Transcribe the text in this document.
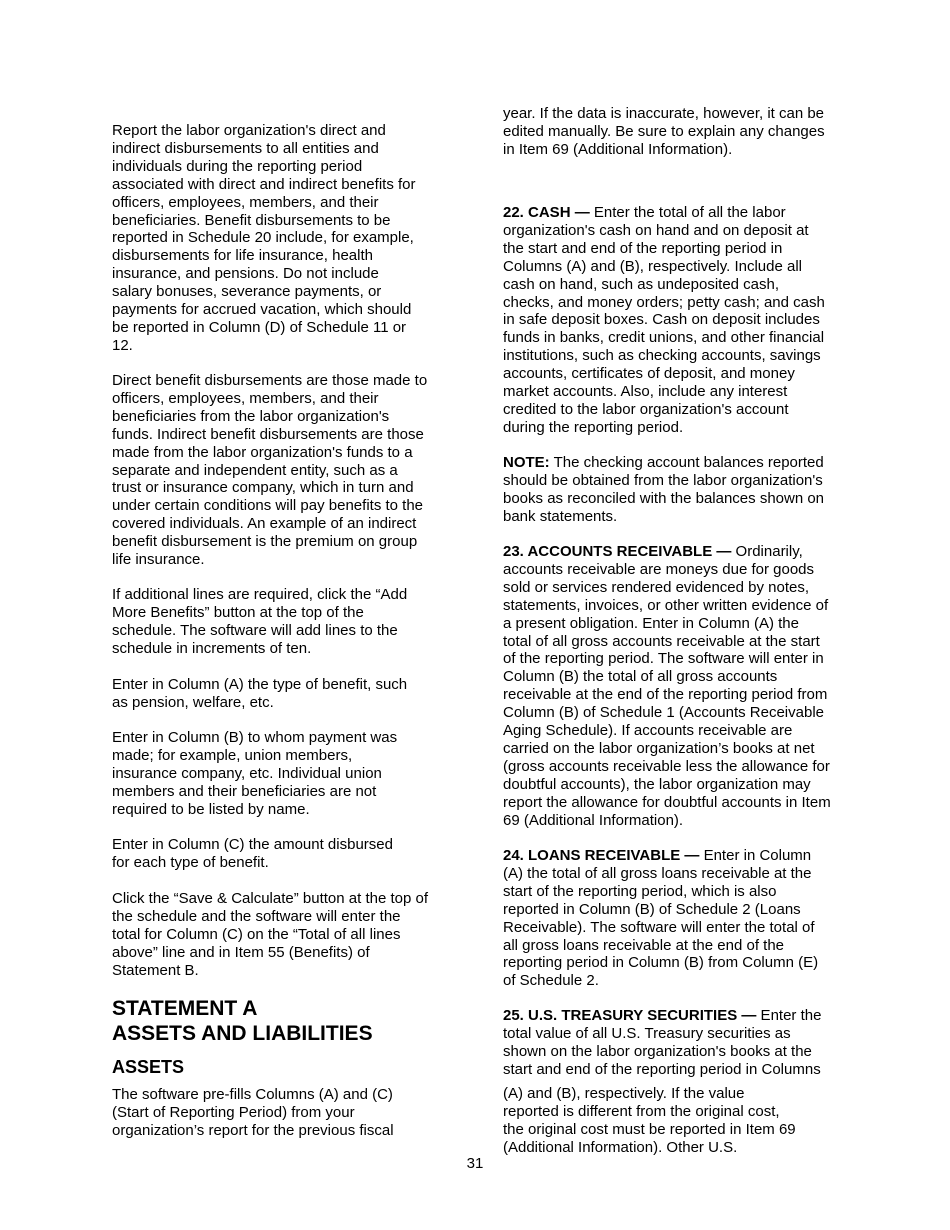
31
Report the labor organization's direct and
indirect disbursements to all entities and
individuals during the reporting period
associated with direct and indirect benefits for
officers, employees, members, and their
beneficiaries. Benefit disbursements to be
reported in Schedule 20 include, for example,
disbursements for life insurance, health
insurance, and pensions. Do not include
salary bonuses, severance payments, or
payments for accrued vacation, which should
be reported in Column (D) of Schedule 11 or
12.
Direct benefit disbursements are those made to
officers, employees, members, and their
beneficiaries from the labor organization's
funds. Indirect benefit disbursements are those
made from the labor organization's funds to a
separate and independent entity, such as a
trust or insurance company, which in turn and
under certain conditions will pay benefits to the
covered individuals. An example of an indirect
benefit disbursement is the premium on group
life insurance.
If additional lines are required, click the “Add
More Benefits” button at the top of the
schedule. The software will add lines to the
schedule in increments of ten.
Enter in Column (A) the type of benefit, such
as pension, welfare, etc.
Enter in Column (B) to whom payment was
made; for example, union members,
insurance company, etc. Individual union
members and their beneficiaries are not
required to be listed by name.
Enter in Column (C) the amount disbursed
for each type of benefit.
Click the “Save & Calculate” button at the top of
the schedule and the software will enter the
total for Column (C) on the “Total of all lines
above” line and in Item 55 (Benefits) of
Statement B.
STATEMENT A
ASSETS AND LIABILITIES
ASSETS
The software pre-fills Columns (A) and (C)
(Start of Reporting Period) from your
organization’s report for the previous fiscal
year. If the data is inaccurate, however, it can be
edited manually. Be sure to explain any changes
in Item 69 (Additional Information).
22. CASH — Enter the total of all the labor
organization's cash on hand and on deposit at
the start and end of the reporting period in
Columns (A) and (B), respectively. Include all
cash on hand, such as undeposited cash,
checks, and money orders; petty cash; and cash
in safe deposit boxes. Cash on deposit includes
funds in banks, credit unions, and other financial
institutions, such as checking accounts, savings
accounts, certificates of deposit, and money
market accounts. Also, include any interest
credited to the labor organization's account
during the reporting period.
NOTE: The checking account balances reported
should be obtained from the labor organization's
books as reconciled with the balances shown on
bank statements.
23. ACCOUNTS RECEIVABLE — Ordinarily,
accounts receivable are moneys due for goods
sold or services rendered evidenced by notes,
statements, invoices, or other written evidence of
a present obligation. Enter in Column (A) the
total of all gross accounts receivable at the start
of the reporting period. The software will enter in
Column (B) the total of all gross accounts
receivable at the end of the reporting period from
Column (B) of Schedule 1 (Accounts Receivable
Aging Schedule). If accounts receivable are
carried on the labor organization’s books at net
(gross accounts receivable less the allowance for
doubtful accounts), the labor organization may
report the allowance for doubtful accounts in Item
69 (Additional Information).
24. LOANS RECEIVABLE — Enter in Column
(A) the total of all gross loans receivable at the
start of the reporting period, which is also
reported in Column (B) of Schedule 2 (Loans
Receivable). The software will enter the total of
all gross loans receivable at the end of the
reporting period in Column (B) from Column (E)
of Schedule 2.
25. U.S. TREASURY SECURITIES — Enter the
total value of all U.S. Treasury securities as
shown on the labor organization's books at the
start and end of the reporting period in Columns
(A) and (B), respectively. If the value
reported is different from the original cost,
the original cost must be reported in Item 69
(Additional Information). Other U.S.
